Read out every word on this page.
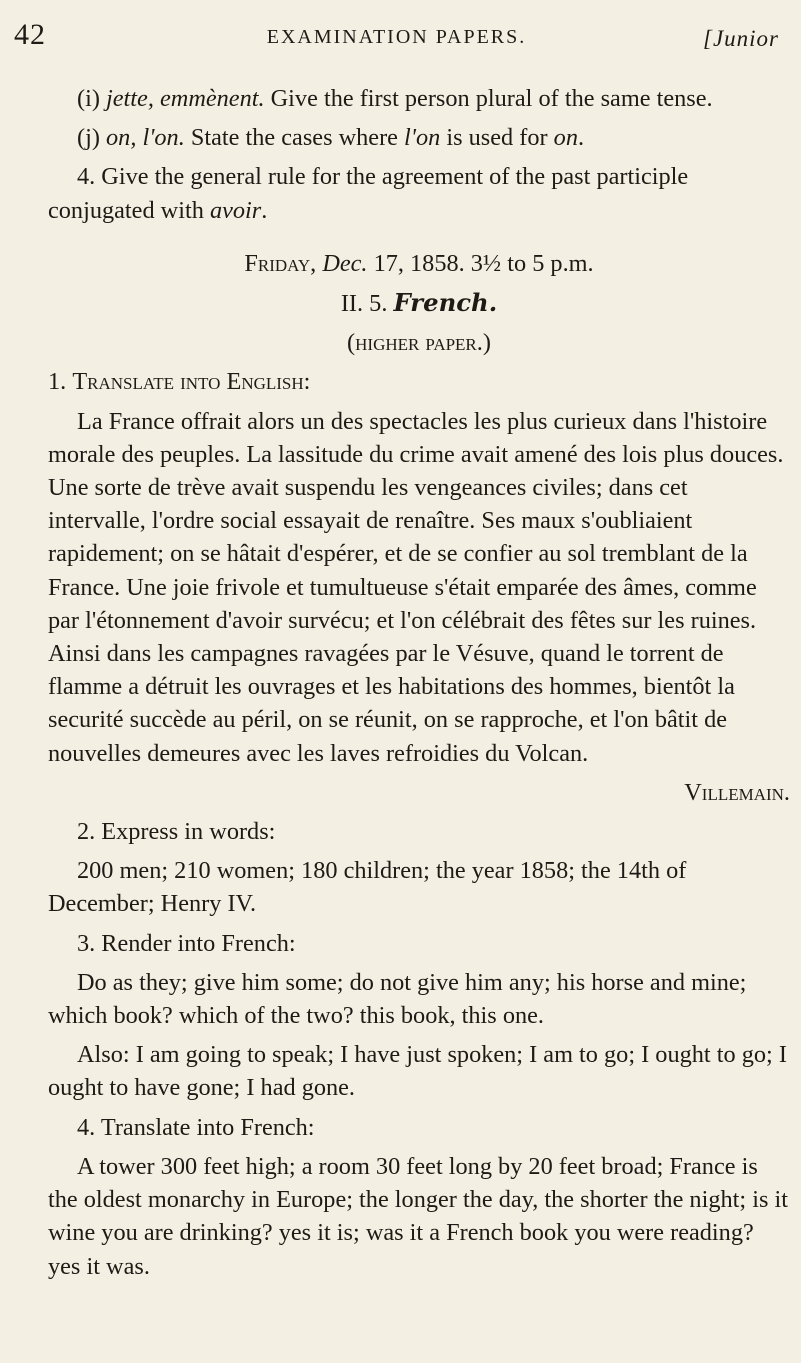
42	EXAMINATION PAPERS.	[Junior

(i) jette, emmènent. Give the first person plural of the same tense.

(j) on, l'on. State the cases where l'on is used for on.

4. Give the general rule for the agreement of the past participle conjugated with avoir.

Friday, Dec. 17, 1858. 3½ to 5 p.m.

II. 5. French.

(higher paper.)

1. Translate into English:

La France offrait alors un des spectacles les plus curieux dans l'histoire morale des peuples. La lassitude du crime avait amené des lois plus douces. Une sorte de trève avait suspendu les vengeances civiles; dans cet intervalle, l'ordre social essayait de renaître. Ses maux s'oubliaient rapidement; on se hâtait d'espérer, et de se confier au sol tremblant de la France. Une joie frivole et tumultueuse s'était emparée des âmes, comme par l'étonnement d'avoir survécu; et l'on célébrait des fêtes sur les ruines. Ainsi dans les campagnes ravagées par le Vésuve, quand le torrent de flamme a détruit les ouvrages et les habitations des hommes, bientôt la securité succède au péril, on se réunit, on se rapproche, et l'on bâtit de nouvelles demeures avec les laves refroidies du Volcan.

Villemain.

2. Express in words:

200 men; 210 women; 180 children; the year 1858; the 14th of December; Henry IV.

3. Render into French:

Do as they; give him some; do not give him any; his horse and mine; which book? which of the two? this book, this one.

Also: I am going to speak; I have just spoken; I am to go; I ought to go; I ought to have gone; I had gone.

4. Translate into French:

A tower 300 feet high; a room 30 feet long by 20 feet broad; France is the oldest monarchy in Europe; the longer the day, the shorter the night; is it wine you are drinking? yes it is; was it a French book you were reading? yes it was.
